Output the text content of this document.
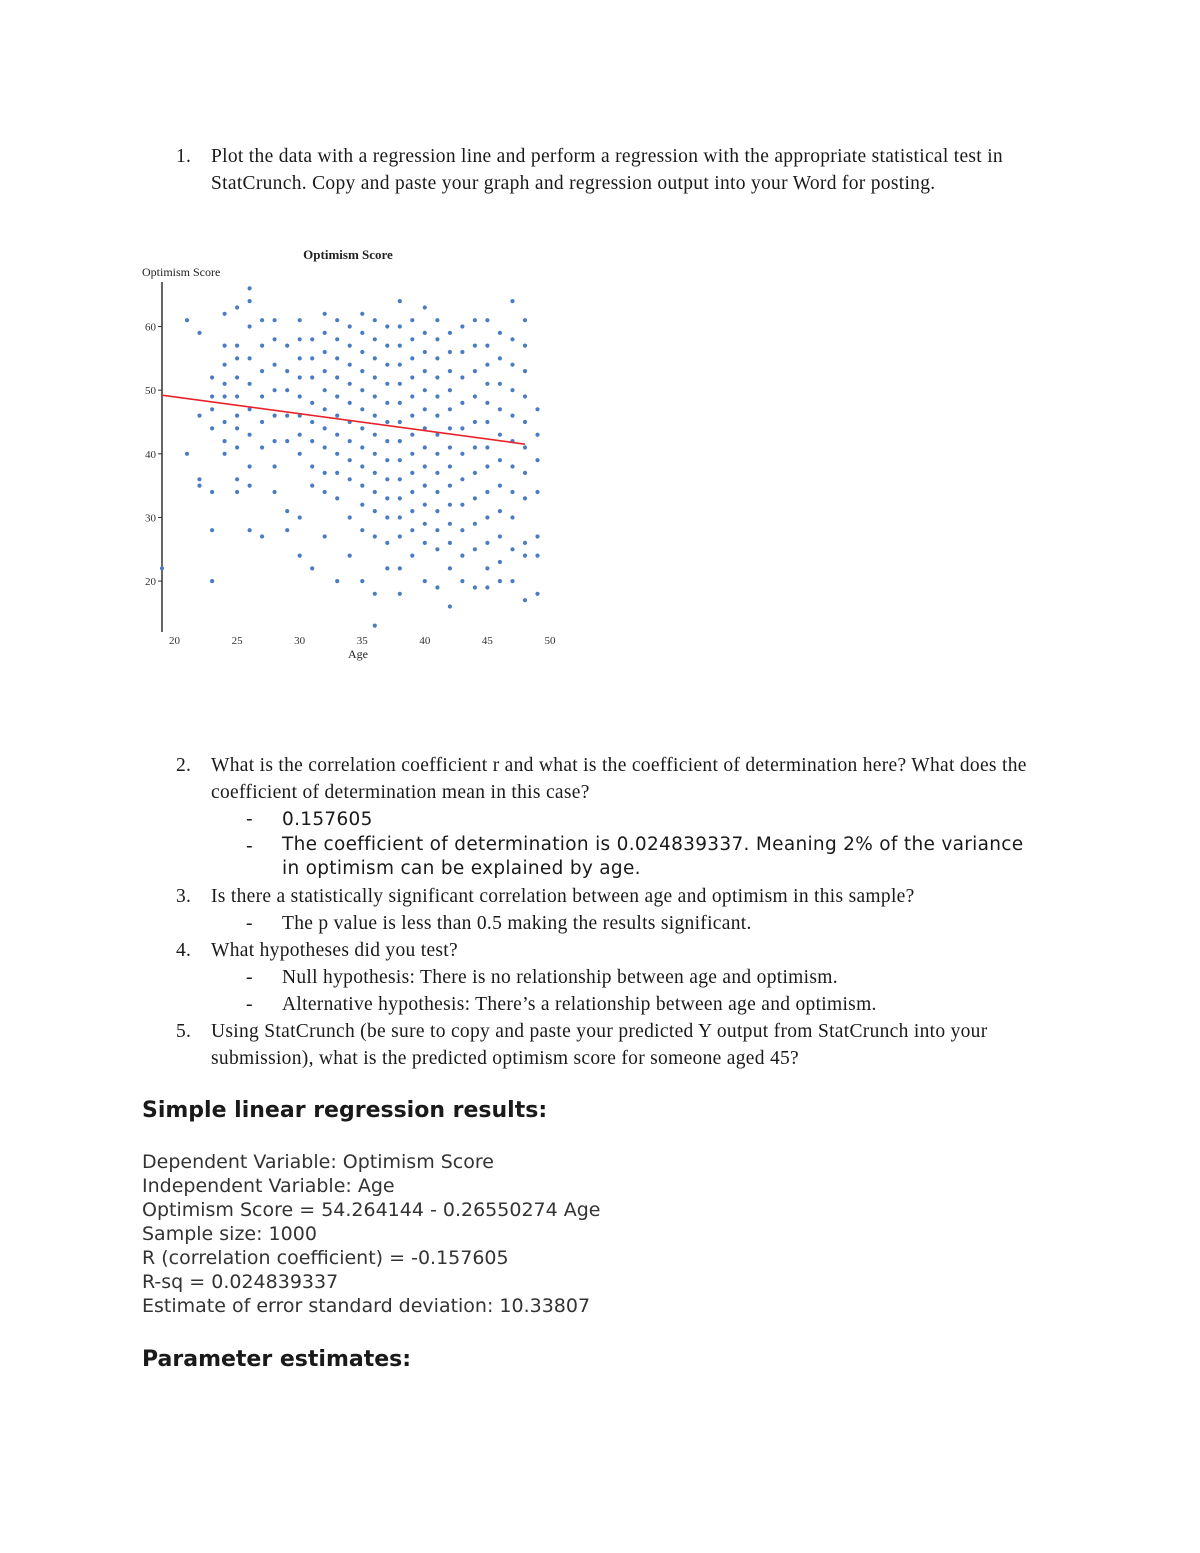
1.	Plot the data with a regression line and perform a regression with the appropriate statistical test in StatCrunch. Copy and paste your graph and regression output into your Word for posting.
Optimism Score
Optimism Score
Age
20
30
40
50
60
20	25	30	35	40	45	50
2.	What is the correlation coefficient r and what is the coefficient of determination here? What does the coefficient of determination mean in this case?
- 0.157605
- The coefficient of determination is 0.024839337. Meaning 2% of the variance in optimism can be explained by age.
3.	Is there a statistically significant correlation between age and optimism in this sample?
- The p value is less than 0.5 making the results significant.
4.	What hypotheses did you test?
- Null hypothesis: There is no relationship between age and optimism.
- Alternative hypothesis: There’s a relationship between age and optimism.
5.	Using StatCrunch (be sure to copy and paste your predicted Y output from StatCrunch into your submission), what is the predicted optimism score for someone aged 45?
Simple linear regression results:
Dependent Variable: Optimism Score
Independent Variable: Age
Optimism Score = 54.264144 - 0.26550274 Age
Sample size: 1000
R (correlation coefficient) = -0.157605
R-sq = 0.024839337
Estimate of error standard deviation: 10.33807
Parameter estimates:
